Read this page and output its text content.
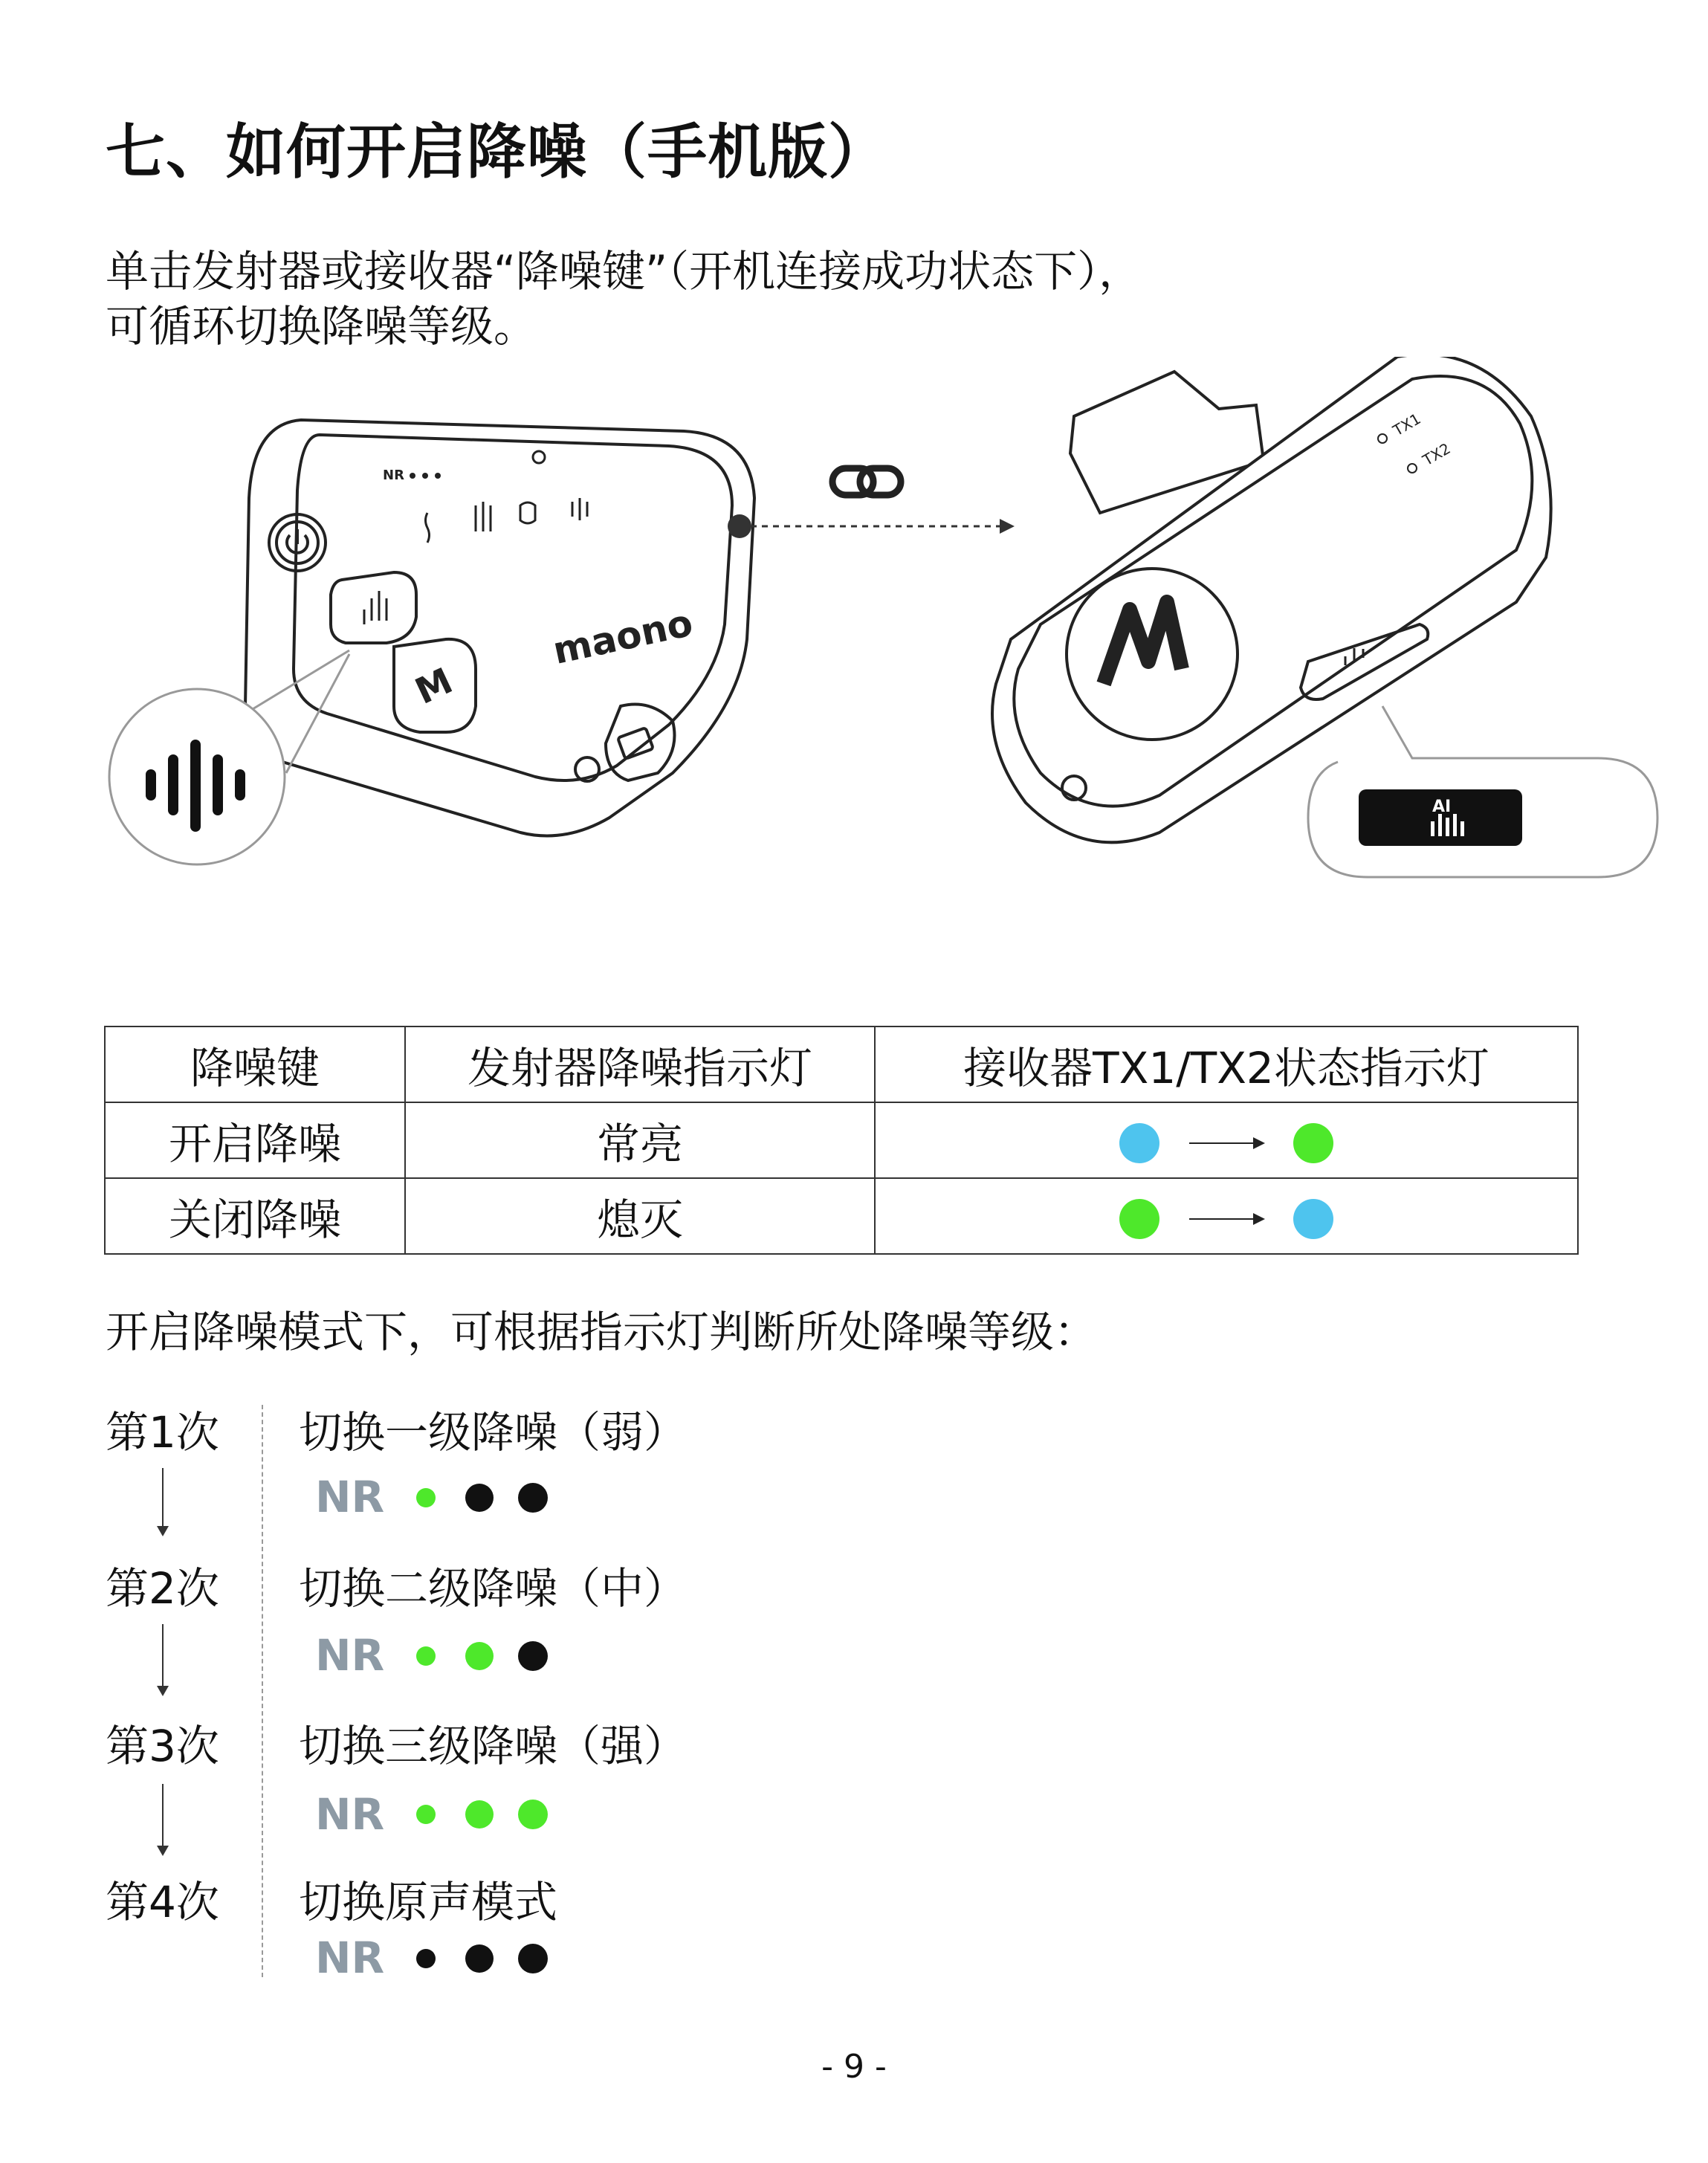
七、如何开启降噪（手机版）
单击发射器或接收器“降噪键”（开机连接成功状态下），
可循环切换降噪等级。
M
maono
NR
TX1
TX2
AI
降噪键	发射器降噪指示灯	接收器TX1/TX2状态指示灯
开启降噪	常亮	
关闭降噪	熄灭	
开启降噪模式下，可根据指示灯判断所处降噪等级：
第1次 切换一级降噪（弱）
NR
第2次 切换二级降噪（中）
NR
第3次 切换三级降噪（强）
NR
第4次 切换原声模式
NR
- 9 -
